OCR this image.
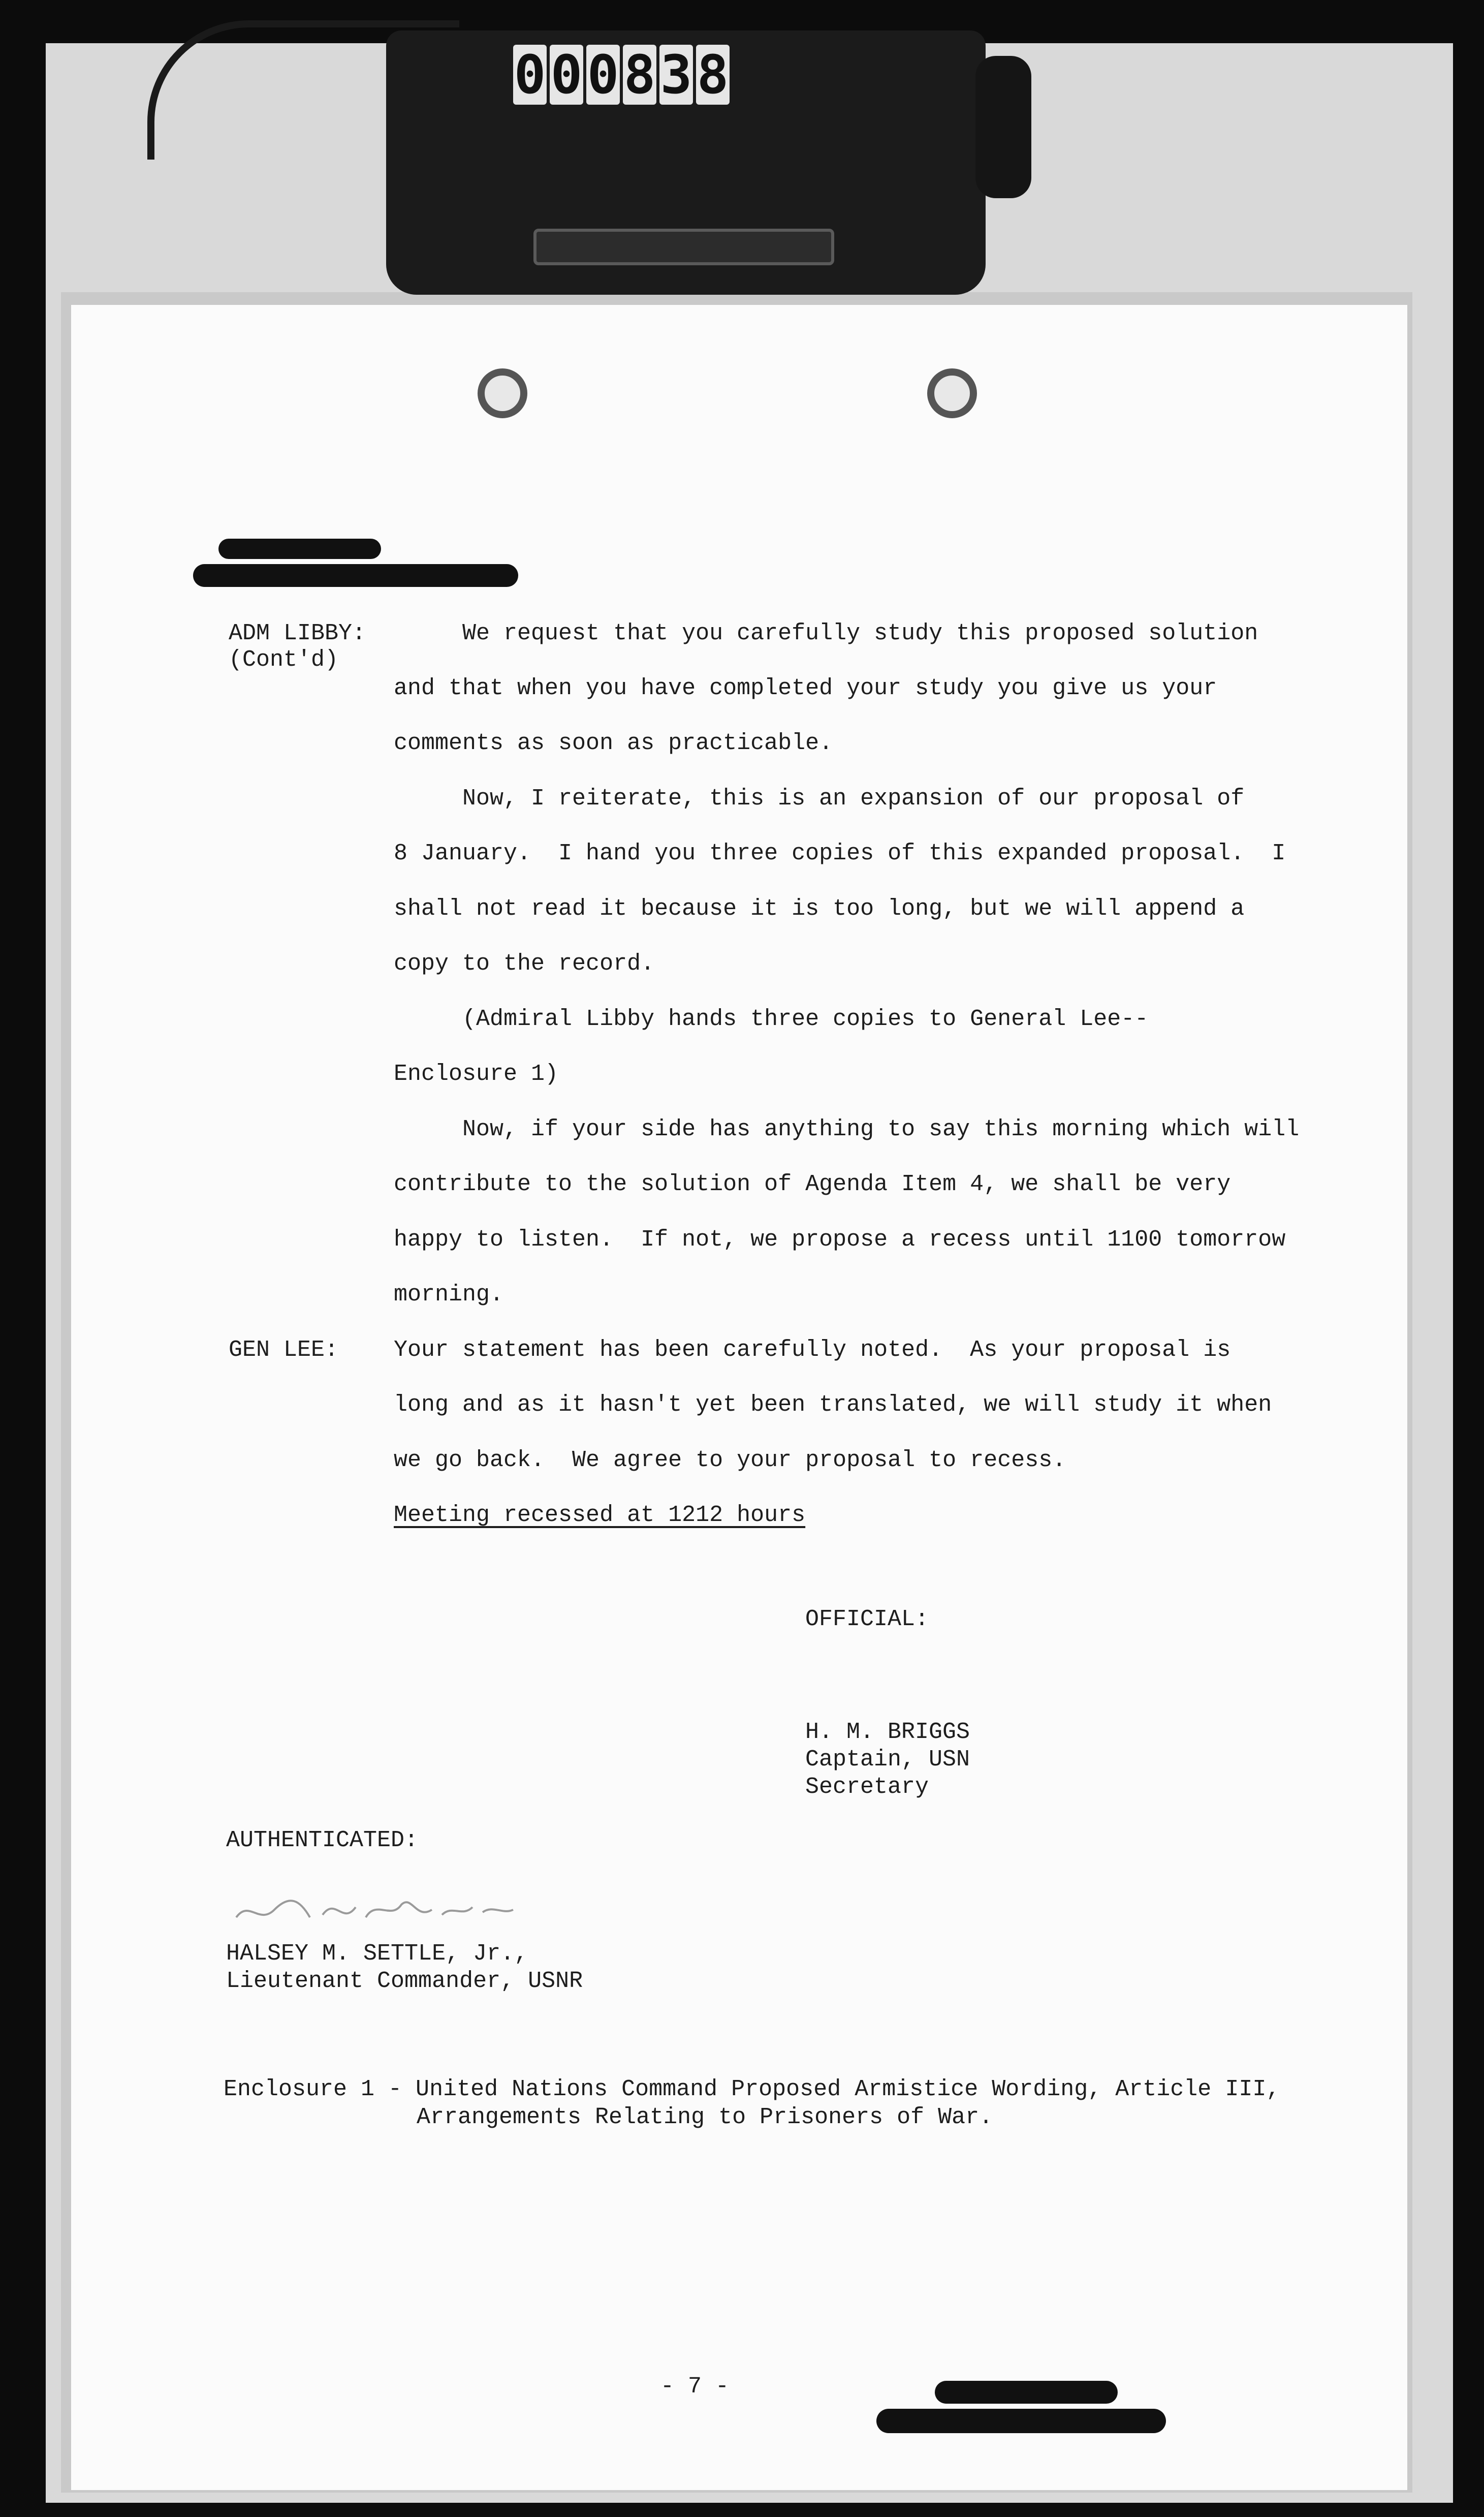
0 0 0 8 3 8
ADM LIBBY:
(Cont'd)
We request that you carefully study this proposed solution
and that when you have completed your study you give us your
comments as soon as practicable.
Now, I reiterate, this is an expansion of our proposal of
8 January.  I hand you three copies of this expanded proposal.  I
shall not read it because it is too long, but we will append a
copy to the record.
(Admiral Libby hands three copies to General Lee--
Enclosure 1)
Now, if your side has anything to say this morning which will
contribute to the solution of Agenda Item 4, we shall be very
happy to listen.  If not, we propose a recess until 1100 tomorrow
morning.
GEN LEE: Your statement has been carefully noted.  As your proposal is
long and as it hasn't yet been translated, we will study it when
we go back.  We agree to your proposal to recess.
Meeting recessed at 1212 hours
OFFICIAL:
H. M. BRIGGS
Captain, USN
Secretary
AUTHENTICATED:
HALSEY M. SETTLE, Jr.,
Lieutenant Commander, USNR
Enclosure 1 - United Nations Command Proposed Armistice Wording, Article III,
Arrangements Relating to Prisoners of War.
- 7 -
